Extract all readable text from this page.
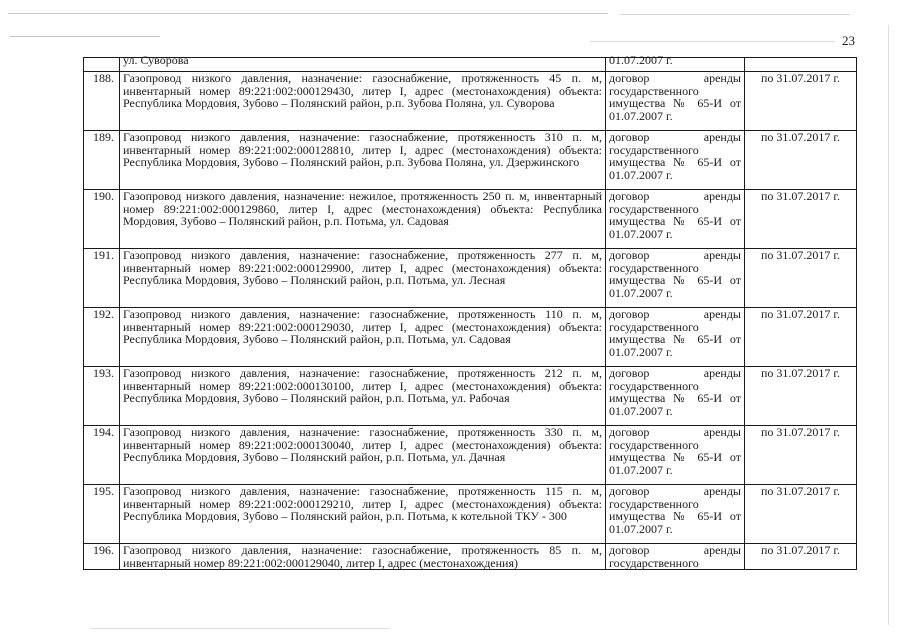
23

	ул. Суворова	01.07.2007 г.	

188.	Газопровод низкого давления, назначение: газоснабжение, протяженность 45 п. м, инвентарный номер 89:221:002:000129430, литер I, адрес (местонахождения) объекта: Республика Мордовия, Зубово – Полянский район, р.п. Зубова Поляна, ул. Суворова	договор аренды государственного имущества № 65-И от 01.07.2007 г.	по 31.07.2017 г.
189.	Газопровод низкого давления, назначение: газоснабжение, протяженность 310 п. м, инвентарный номер 89:221:002:000128810, литер I, адрес (местонахождения) объекта: Республика Мордовия, Зубово – Полянский район, р.п. Зубова Поляна, ул. Дзержинского	договор аренды государственного имущества № 65-И от 01.07.2007 г.	по 31.07.2017 г.
190.	Газопровод низкого давления, назначение: нежилое, протяженность 250 п. м, инвентарный номер 89:221:002:000129860, литер I, адрес (местонахождения) объекта: Республика Мордовия, Зубово – Полянский район, р.п. Потьма, ул. Садовая	договор аренды государственного имущества № 65-И от 01.07.2007 г.	по 31.07.2017 г.
191.	Газопровод низкого давления, назначение: газоснабжение, протяженность 277 п. м, инвентарный номер 89:221:002:000129900, литер I, адрес (местонахождения) объекта: Республика Мордовия, Зубово – Полянский район, р.п. Потьма, ул. Лесная	договор аренды государственного имущества № 65-И от 01.07.2007 г.	по 31.07.2017 г.
192.	Газопровод низкого давления, назначение: газоснабжение, протяженность 110 п. м, инвентарный номер 89:221:002:000129030, литер I, адрес (местонахождения) объекта: Республика Мордовия, Зубово – Полянский район, р.п. Потьма, ул. Садовая	договор аренды государственного имущества № 65-И от 01.07.2007 г.	по 31.07.2017 г.
193.	Газопровод низкого давления, назначение: газоснабжение, протяженность 212 п. м, инвентарный номер 89:221:002:000130100, литер I, адрес (местонахождения) объекта: Республика Мордовия, Зубово – Полянский район, р.п. Потьма, ул. Рабочая	договор аренды государственного имущества № 65-И от 01.07.2007 г.	по 31.07.2017 г.
194.	Газопровод низкого давления, назначение: газоснабжение, протяженность 330 п. м, инвентарный номер 89:221:002:000130040, литер I, адрес (местонахождения) объекта: Республика Мордовия, Зубово – Полянский район, р.п. Потьма, ул. Дачная	договор аренды государственного имущества № 65-И от 01.07.2007 г.	по 31.07.2017 г.
195.	Газопровод низкого давления, назначение: газоснабжение, протяженность 115 п. м, инвентарный номер 89:221:002:000129210, литер I, адрес (местонахождения) объекта: Республика Мордовия, Зубово – Полянский район, р.п. Потьма, к котельной ТКУ - 300	договор аренды государственного имущества № 65-И от 01.07.2007 г.	по 31.07.2017 г.
196.	Газопровод низкого давления, назначение: газоснабжение, протяженность 85 п. м, инвентарный номер 89:221:002:000129040, литер I, адрес (местонахождения)	договор аренды государственного	по 31.07.2017 г.
